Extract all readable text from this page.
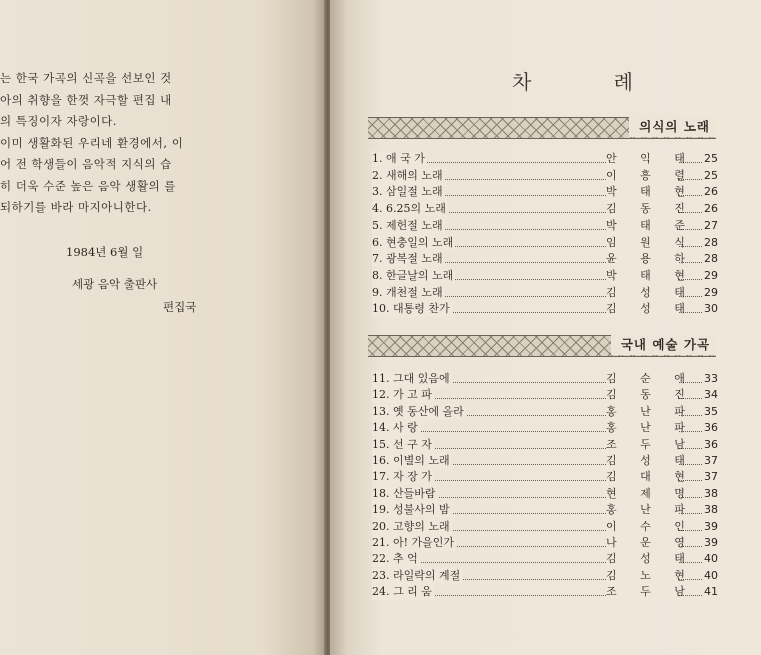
는 한국 가곡의 신곡을 선보인 것
아의 취향을 한껏 자극할 편집 내
의 특징이자 자랑이다.
이미 생활화된 우리네 환경에서, 이
어 전 학생들이 음악적 지식의 습
히 더욱 수준 높은 음악 생활의 를
되하기를 바라 마지아니한다.
1984년 6월 일
세광 음악 출판사
편집국
차 례
의식의 노래
1. 애 국 가	안 익 태 25
2. 새해의 노래	이 흥 렬 25
3. 삼일절 노래	박 태 현 26
4. 6.25의 노래	김 동 진 26
5. 제헌절 노래	박 태 준 27
6. 현충일의 노래	임 원 식 28
7. 광복절 노래	윤 용 하 28
8. 한글날의 노래	박 태 현 29
9. 개천절 노래	김 성 태 29
10. 대통령 찬가	김 성 태 30
국내 예술 가곡
11. 그대 있음에	김 순 애 33
12. 가 고 파	김 동 진 34
13. 옛 동산에 올라	홍 난 파 35
14. 사 랑	홍 난 파 36
15. 선 구 자	조 두 남 36
16. 이별의 노래	김 성 태 37
17. 자 장 가	김 대 현 37
18. 산들바람	현 제 명 38
19. 성불사의 밤	홍 난 파 38
20. 고향의 노래	이 수 인 39
21. 아! 가을인가	나 운 영 39
22. 추 억	김 성 태 40
23. 라일락의 계절	김 노 현 40
24. 그 리 움	조 두 남 41
